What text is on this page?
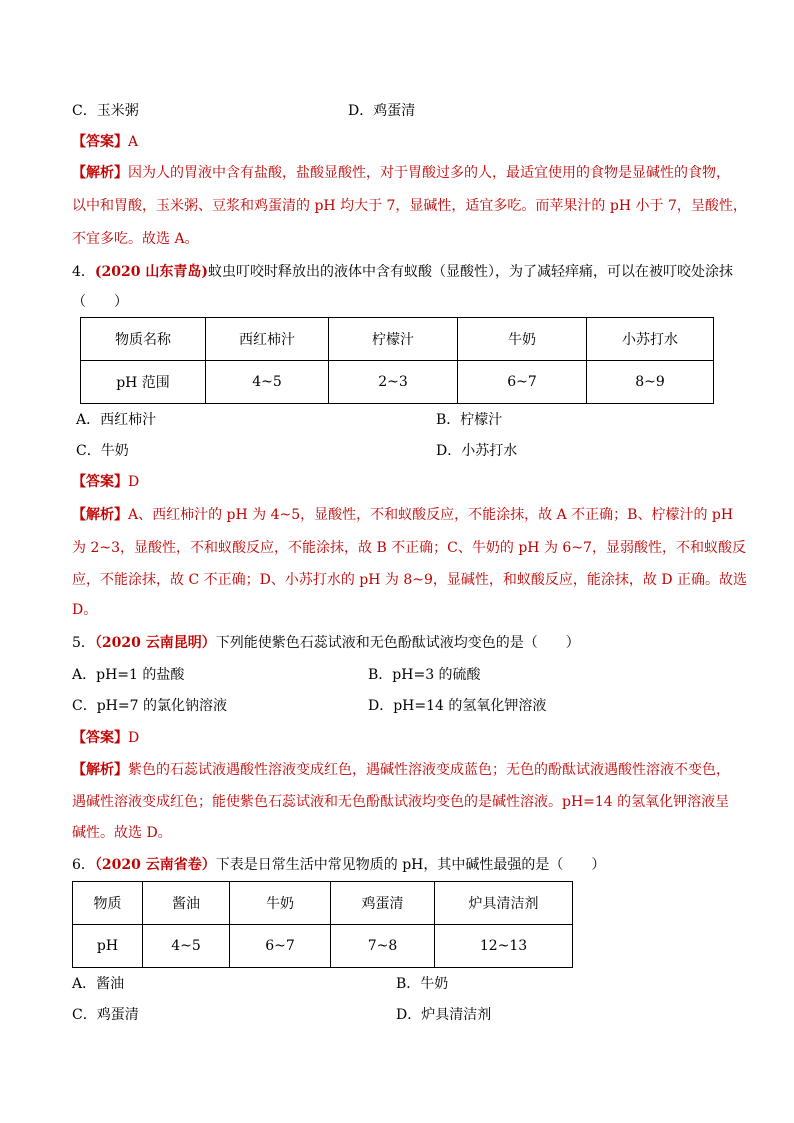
C．玉米粥	D．鸡蛋清
【答案】A
【解析】因为人的胃液中含有盐酸，盐酸显酸性，对于胃酸过多的人，最适宜使用的食物是显碱性的食物，
以中和胃酸，玉米粥、豆浆和鸡蛋清的 pH 均大于 7，显碱性，适宜多吃。而苹果汁的 pH 小于 7，呈酸性，
不宜多吃。故选 A。
4．(2020 山东青岛)蚊虫叮咬时释放出的液体中含有蚁酸（显酸性），为了减轻痒痛，可以在被叮咬处涂抹
（　　）
物质名称	西红柿汁	柠檬汁	牛奶	小苏打水
pH 范围	4~5	2~3	6~7	8~9
A．西红柿汁	B．柠檬汁
C．牛奶	D．小苏打水
【答案】D
【解析】A、西红柿汁的 pH 为 4~5，显酸性，不和蚁酸反应，不能涂抹，故 A 不正确；B、柠檬汁的 pH
为 2~3，显酸性，不和蚁酸反应，不能涂抹，故 B 不正确；C、牛奶的 pH 为 6~7，显弱酸性，不和蚁酸反
应，不能涂抹，故 C 不正确；D、小苏打水的 pH 为 8~9，显碱性，和蚁酸反应，能涂抹，故 D 正确。故选
D。
5．（2020 云南昆明）下列能使紫色石蕊试液和无色酚酞试液均变色的是（　　）
A．pH=1 的盐酸	B．pH=3 的硫酸
C．pH=7 的氯化钠溶液	D．pH=14 的氢氧化钾溶液
【答案】D
【解析】紫色的石蕊试液遇酸性溶液变成红色，遇碱性溶液变成蓝色；无色的酚酞试液遇酸性溶液不变色，
遇碱性溶液变成红色；能使紫色石蕊试液和无色酚酞试液均变色的是碱性溶液。pH=14 的氢氧化钾溶液呈
碱性。故选 D。
6．（2020 云南省卷）下表是日常生活中常见物质的 pH，其中碱性最强的是（　　）
物质	酱油	牛奶	鸡蛋清	炉具清洁剂
pH	4~5	6~7	7~8	12~13
A．酱油	B．牛奶
C．鸡蛋清	D．炉具清洁剂
